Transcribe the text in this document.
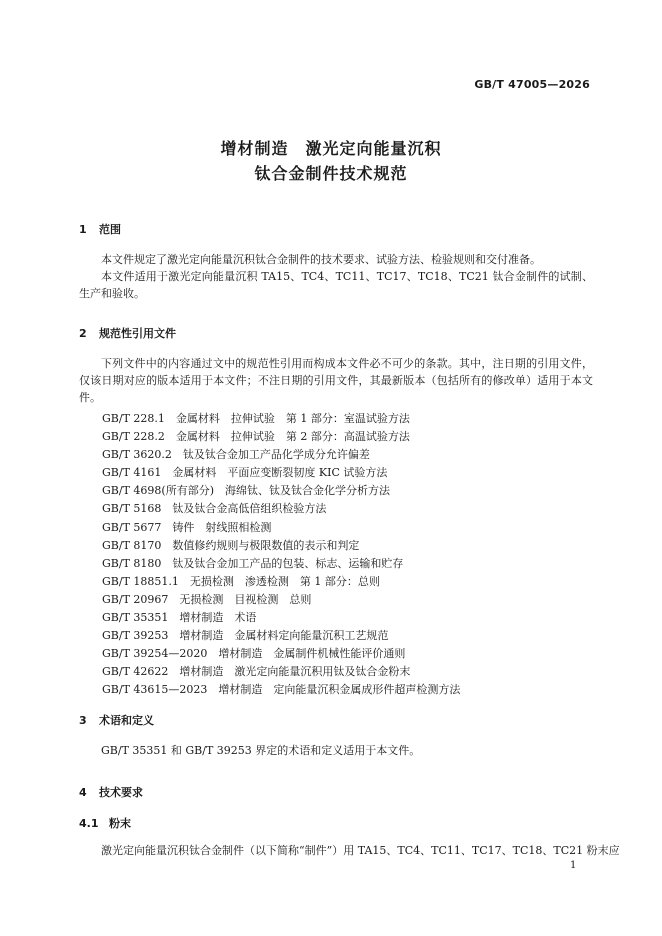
GB/T 47005—2026
增材制造　激光定向能量沉积
钛合金制件技术规范
1 范围

本文件规定了激光定向能量沉积钛合金制件的技术要求、试验方法、检验规则和交付准备。

本文件适用于激光定向能量沉积 TA15、TC4、TC11、TC17、TC18、TC21 钛合金制件的试制、生产和验收。

2 规范性引用文件

下列文件中的内容通过文中的规范性引用而构成本文件必不可少的条款。其中，注日期的引用文件，仅该日期对应的版本适用于本文件；不注日期的引用文件，其最新版本（包括所有的修改单）适用于本文件。

GB/T 228.1　金属材料　拉伸试验　第 1 部分：室温试验方法
GB/T 228.2　金属材料　拉伸试验　第 2 部分：高温试验方法
GB/T 3620.2　钛及钛合金加工产品化学成分允许偏差
GB/T 4161　金属材料　平面应变断裂韧度 KIC 试验方法
GB/T 4698(所有部分)　海绵钛、钛及钛合金化学分析方法
GB/T 5168　钛及钛合金高低倍组织检验方法
GB/T 5677　铸件　射线照相检测
GB/T 8170　数值修约规则与极限数值的表示和判定
GB/T 8180　钛及钛合金加工产品的包装、标志、运输和贮存
GB/T 18851.1　无损检测　渗透检测　第 1 部分：总则
GB/T 20967　无损检测　目视检测　总则
GB/T 35351　增材制造　术语
GB/T 39253　增材制造　金属材料定向能量沉积工艺规范
GB/T 39254—2020　增材制造　金属制件机械性能评价通则
GB/T 42622　增材制造　激光定向能量沉积用钛及钛合金粉末
GB/T 43615—2023　增材制造　定向能量沉积金属成形件超声检测方法
3 术语和定义

GB/T 35351 和 GB/T 39253 界定的术语和定义适用于本文件。

4 技术要求
4.1 粉末

激光定向能量沉积钛合金制件（以下简称“制件”）用 TA15、TC4、TC11、TC17、TC18、TC21 粉末应

1
